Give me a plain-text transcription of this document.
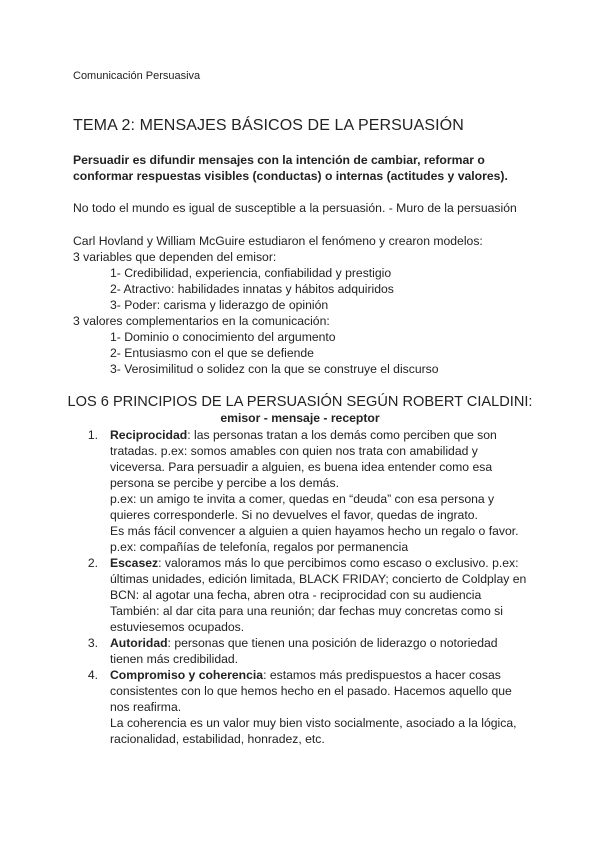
Comunicación Persuasiva
TEMA 2: MENSAJES BÁSICOS DE LA PERSUASIÓN
Persuadir es difundir mensajes con la intención de cambiar, reformar o
conformar respuestas visibles (conductas) o internas (actitudes y valores).
No todo el mundo es igual de susceptible a la persuasión. - Muro de la persuasión
Carl Hovland y William McGuire estudiaron el fenómeno y crearon modelos:
3 variables que dependen del emisor:
1- Credibilidad, experiencia, confiabilidad y prestigio
2- Atractivo: habilidades innatas y hábitos adquiridos
3- Poder: carisma y liderazgo de opinión
3 valores complementarios en la comunicación:
1- Dominio o conocimiento del argumento
2- Entusiasmo con el que se defiende
3- Verosimilitud o solidez con la que se construye el discurso
LOS 6 PRINCIPIOS DE LA PERSUASIÓN SEGÚN ROBERT CIALDINI:
emisor - mensaje - receptor
1. Reciprocidad: las personas tratan a los demás como perciben que son
tratadas. p.ex: somos amables con quien nos trata con amabilidad y
viceversa. Para persuadir a alguien, es buena idea entender como esa
persona se percibe y percibe a los demás.
p.ex: un amigo te invita a comer, quedas en “deuda” con esa persona y
quieres corresponderle. Si no devuelves el favor, quedas de ingrato.
Es más fácil convencer a alguien a quien hayamos hecho un regalo o favor.
p.ex: compañías de telefonía, regalos por permanencia
2. Escasez: valoramos más lo que percibimos como escaso o exclusivo. p.ex:
últimas unidades, edición limitada, BLACK FRIDAY; concierto de Coldplay en
BCN: al agotar una fecha, abren otra - reciprocidad con su audiencia
También: al dar cita para una reunión; dar fechas muy concretas como si
estuviesemos ocupados.
3. Autoridad: personas que tienen una posición de liderazgo o notoriedad
tienen más credibilidad.
4. Compromiso y coherencia: estamos más predispuestos a hacer cosas
consistentes con lo que hemos hecho en el pasado. Hacemos aquello que
nos reafirma.
La coherencia es un valor muy bien visto socialmente, asociado a la lógica,
racionalidad, estabilidad, honradez, etc.
